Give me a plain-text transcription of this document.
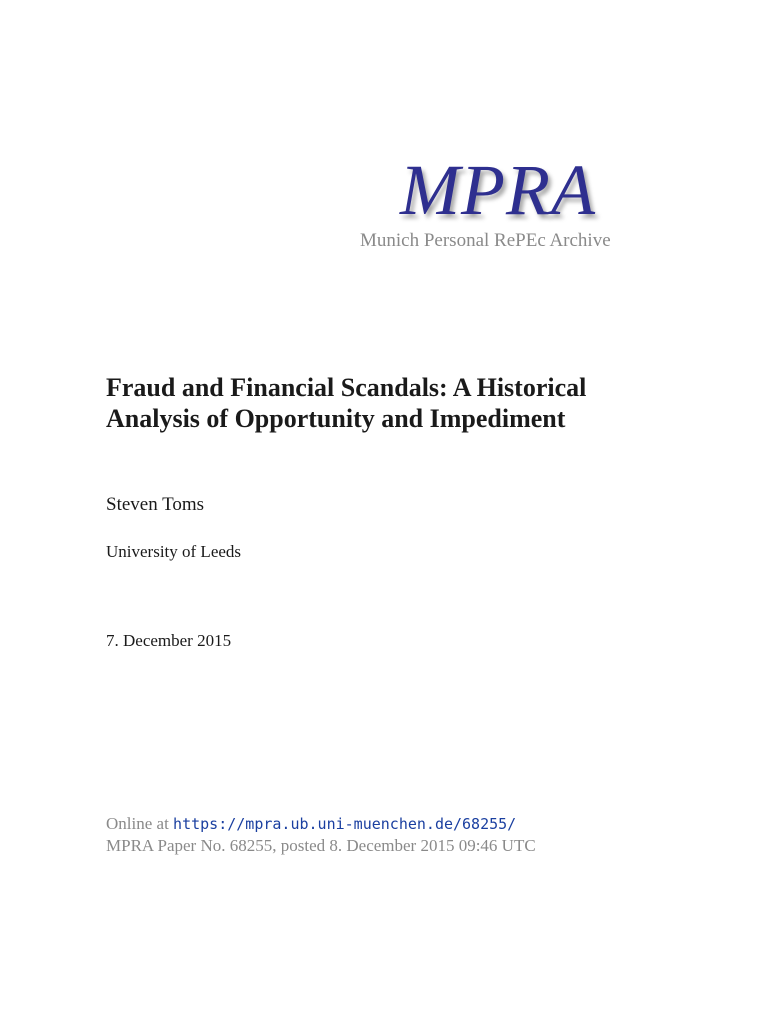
MPRA
Munich Personal RePEc Archive
Fraud and Financial Scandals: A Historical Analysis of Opportunity and Impediment
Steven Toms
University of Leeds
7. December 2015
Online at https://mpra.ub.uni-muenchen.de/68255/
MPRA Paper No. 68255, posted 8. December 2015 09:46 UTC
